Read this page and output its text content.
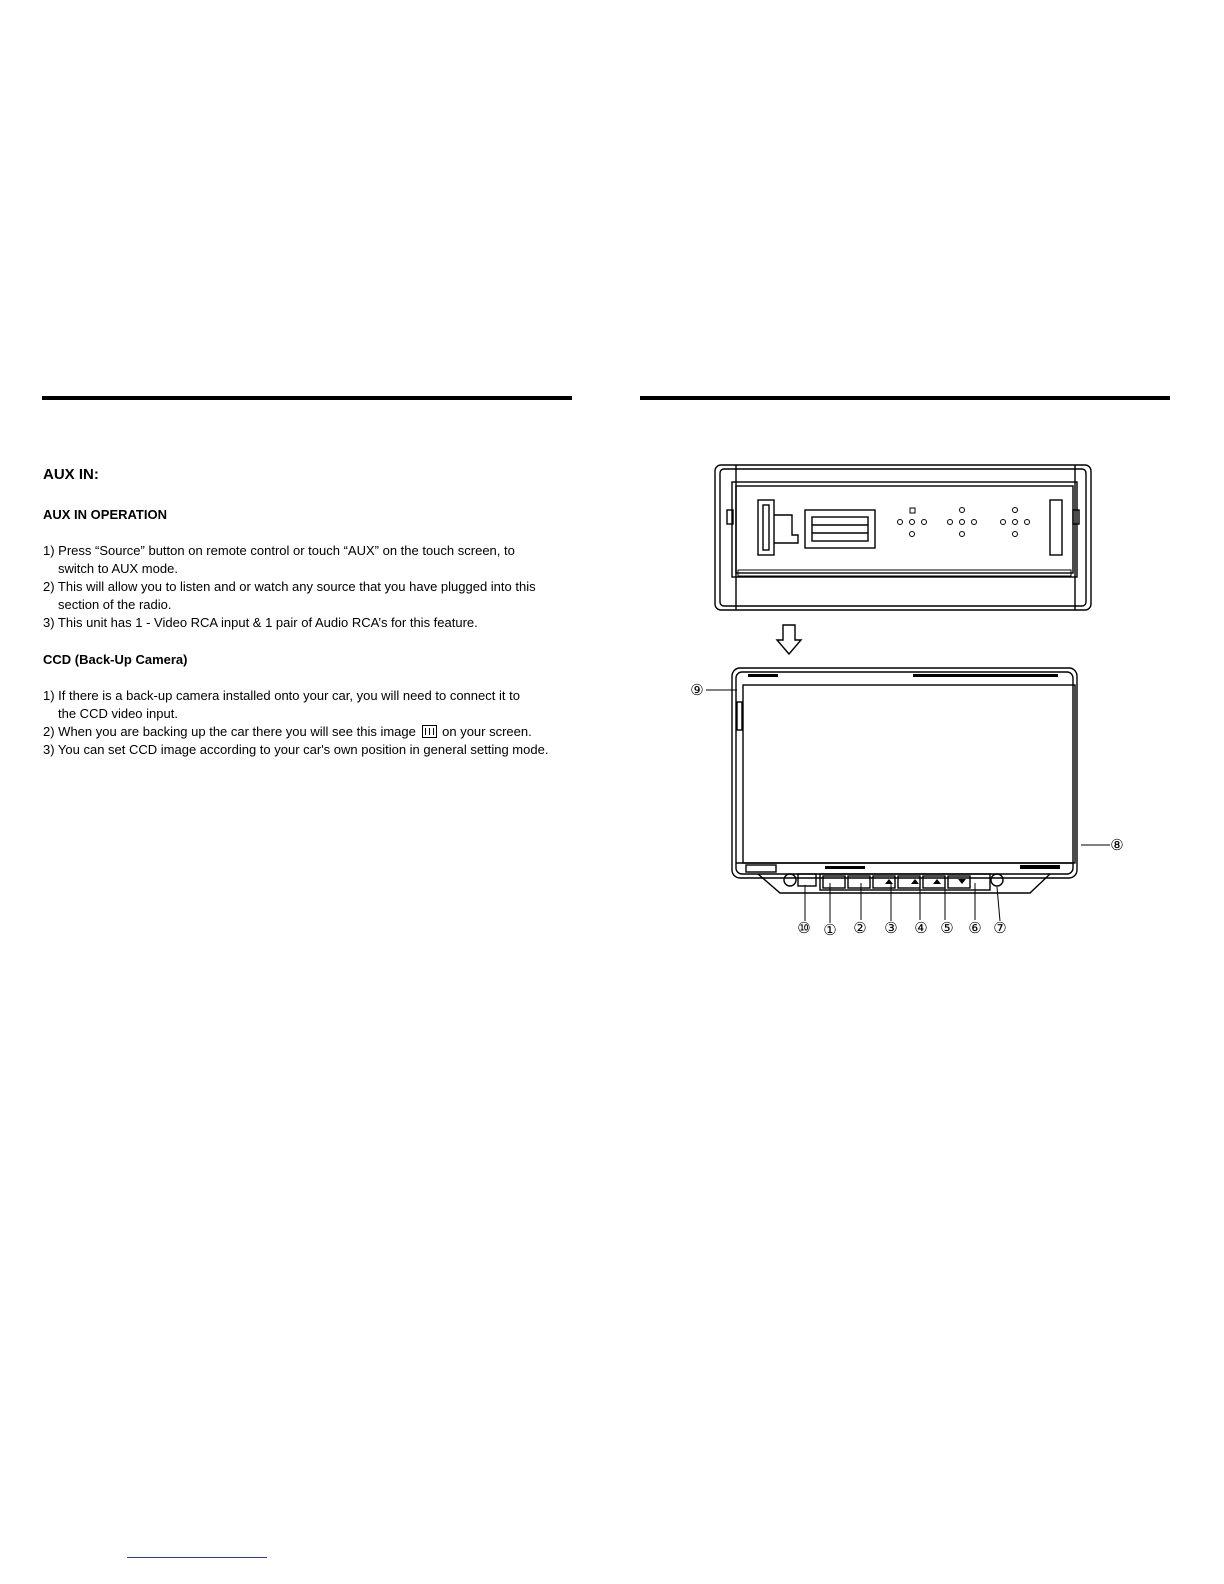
AUX IN:
AUX IN OPERATION
1) Press “Source” button on remote control or touch “AUX” on the touch screen, to
switch to AUX mode.
2) This will allow you to listen and or watch any source that you have plugged into this
section of the radio.
3) This unit has 1 - Video RCA input & 1 pair of Audio RCA’s for this feature.
CCD (Back-Up Camera)
1) If there is a back-up camera installed onto your car, you will need to connect it to
the CCD video input.
2) When you are backing up the car there you will see this image on your screen.
3) You can set CCD image according to your car's own position in general setting mode.
⑨
⑧
⑩ ① ② ③ ④ ⑤ ⑥ ⑦
